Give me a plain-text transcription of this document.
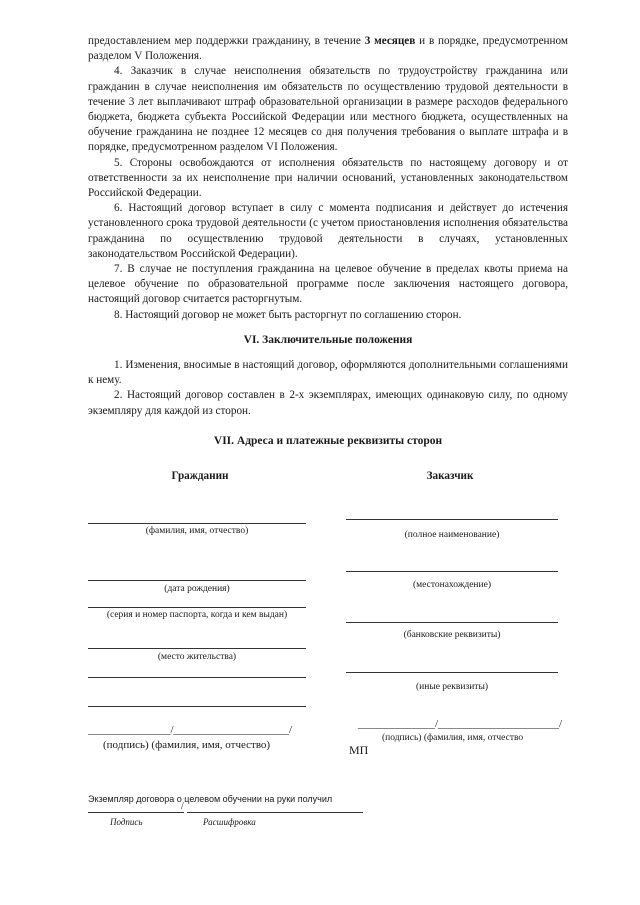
предоставлением мер поддержки гражданину, в течение 3 месяцев и в порядке, предусмотренном разделом V Положения.

4. Заказчик в случае неисполнения обязательств по трудоустройству гражданина или гражданин в случае неисполнения им обязательств по осуществлению трудовой деятельности в течение 3 лет выплачивают штраф образовательной организации в размере расходов федерального бюджета, бюджета субъекта Российской Федерации или местного бюджета, осуществленных на обучение гражданина не позднее 12 месяцев со дня получения требования о выплате штрафа и в порядке, предусмотренном разделом VI Положения.

5. Стороны освобождаются от исполнения обязательств по настоящему договору и от ответственности за их неисполнение при наличии оснований, установленных законодательством Российской Федерации.

6. Настоящий договор вступает в силу с момента подписания и действует до истечения установленного срока трудовой деятельности (с учетом приостановления исполнения обязательства гражданина по осуществлению трудовой деятельности в случаях, установленных законодательством Российской Федерации).

7. В случае не поступления гражданина на целевое обучение в пределах квоты приема на целевое обучение по образовательной программе после заключения настоящего договора, настоящий договор считается расторгнутым.

8. Настоящий договор не может быть расторгнут по соглашению сторон.

VI. Заключительные положения

1. Изменения, вносимые в настоящий договор, оформляются дополнительными соглашениями к нему.

2. Настоящий договор составлен в 2-х экземплярах, имеющих одинаковую силу, по одному экземпляру для каждой из сторон.

VII. Адреса и платежные реквизиты сторон
Гражданин	Заказчик
(фамилия, имя, отчество)
(дата рождения)
(серия и номер паспорта, когда и кем выдан)
(место жительства)
_______________/_____________________/
(подпись) (фамилия, имя, отчество)
(полное наименование)
(местонахождение)
(банковские реквизиты)
(иные реквизиты)
______________/______________________/
(подпись) (фамилия, имя, отчество
МП
Экземпляр договора о целевом обучении на руки получил
/
Подпись	Расшифровка
